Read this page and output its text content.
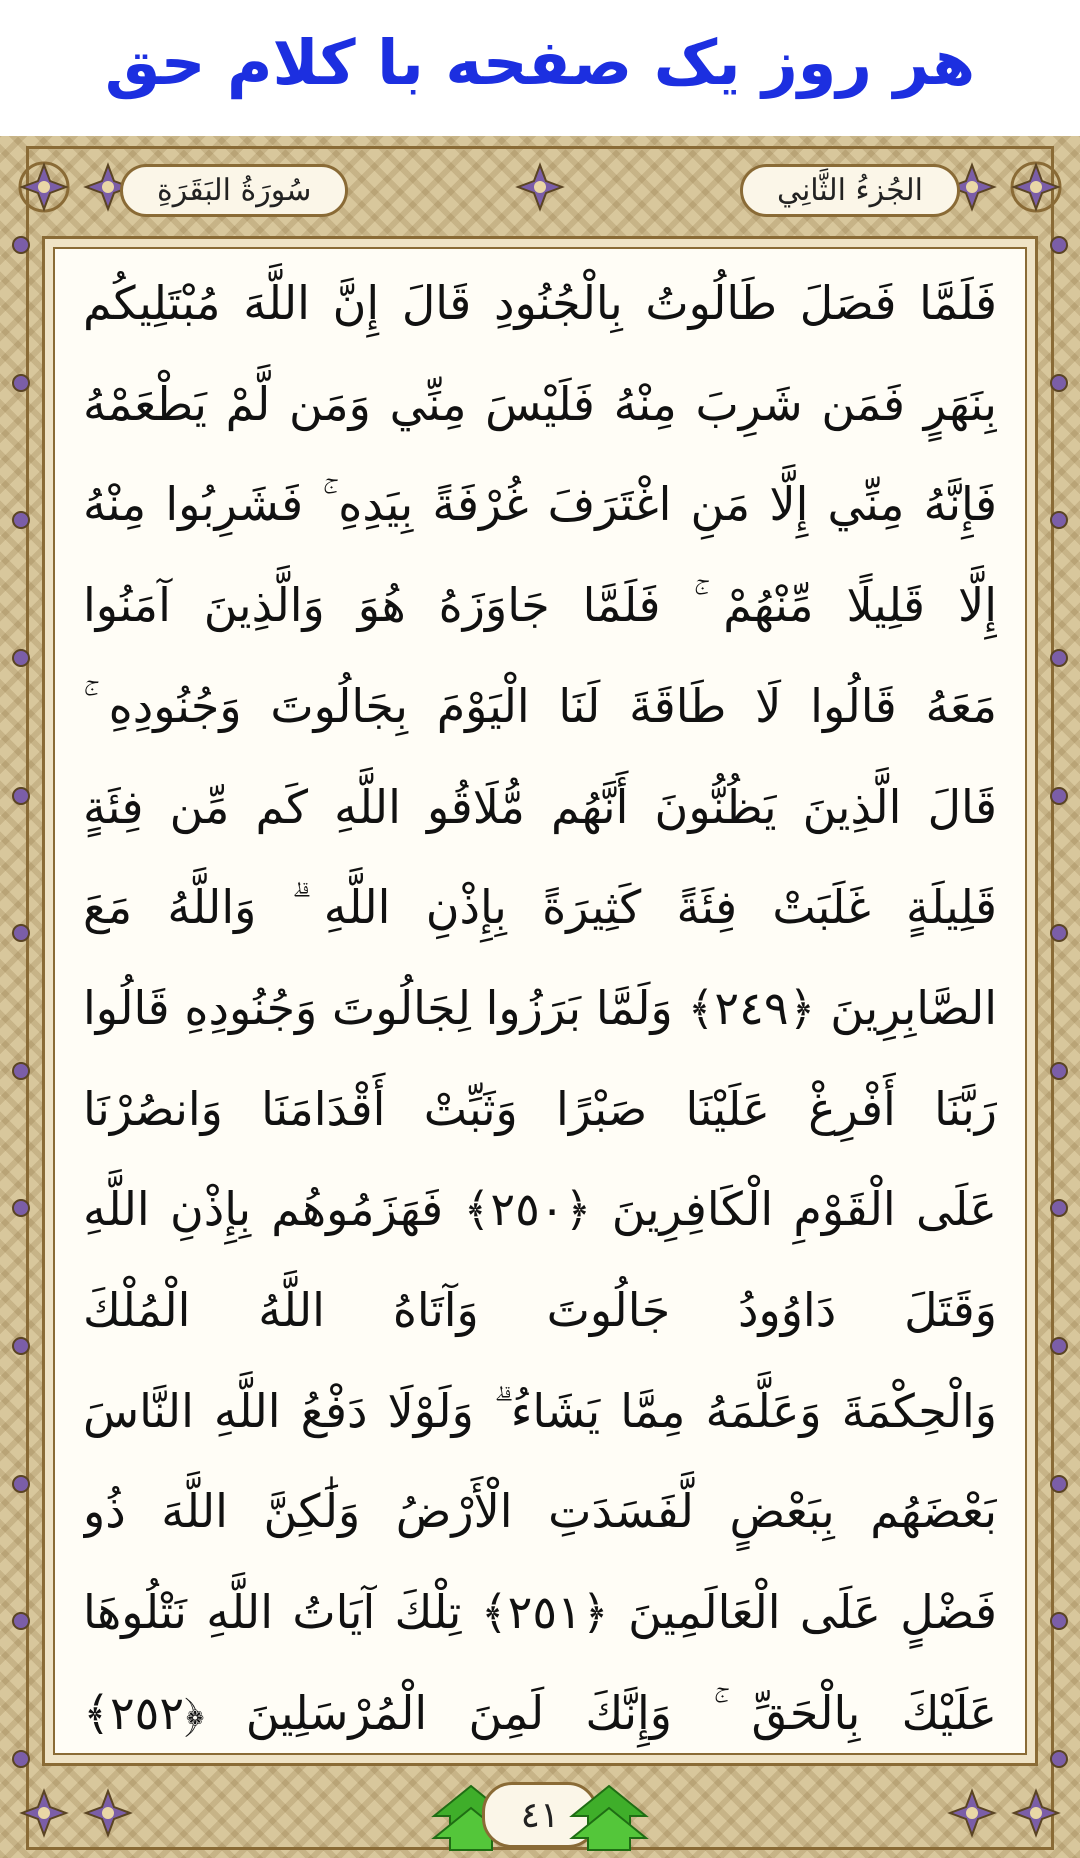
هر روز یک صفحه با کلام حق
سُورَةُ البَقَرَةِ	الجُزءُ الثَّانِي
فَلَمَّا فَصَلَ طَالُوتُ بِالْجُنُودِ قَالَ إِنَّ اللَّهَ مُبْتَلِيكُم
بِنَهَرٍ فَمَن شَرِبَ مِنْهُ فَلَيْسَ مِنِّي وَمَن لَّمْ يَطْعَمْهُ
فَإِنَّهُ مِنِّي إِلَّا مَنِ اغْتَرَفَ غُرْفَةً بِيَدِهِ ۚ فَشَرِبُوا مِنْهُ
إِلَّا قَلِيلًا مِّنْهُمْ ۚ فَلَمَّا جَاوَزَهُ هُوَ وَالَّذِينَ آمَنُوا
مَعَهُ قَالُوا لَا طَاقَةَ لَنَا الْيَوْمَ بِجَالُوتَ وَجُنُودِهِ ۚ
قَالَ الَّذِينَ يَظُنُّونَ أَنَّهُم مُّلَاقُو اللَّهِ كَم مِّن فِئَةٍ
قَلِيلَةٍ غَلَبَتْ فِئَةً كَثِيرَةً بِإِذْنِ اللَّهِ ۗ وَاللَّهُ مَعَ
الصَّابِرِينَ ﴿٢٤٩﴾ وَلَمَّا بَرَزُوا لِجَالُوتَ وَجُنُودِهِ قَالُوا
رَبَّنَا أَفْرِغْ عَلَيْنَا صَبْرًا وَثَبِّتْ أَقْدَامَنَا وَانصُرْنَا
عَلَى الْقَوْمِ الْكَافِرِينَ ﴿٢٥٠﴾ فَهَزَمُوهُم بِإِذْنِ اللَّهِ
وَقَتَلَ دَاوُودُ جَالُوتَ وَآتَاهُ اللَّهُ الْمُلْكَ
وَالْحِكْمَةَ وَعَلَّمَهُ مِمَّا يَشَاءُ ۗ وَلَوْلَا دَفْعُ اللَّهِ النَّاسَ
بَعْضَهُم بِبَعْضٍ لَّفَسَدَتِ الْأَرْضُ وَلَٰكِنَّ اللَّهَ ذُو
فَضْلٍ عَلَى الْعَالَمِينَ ﴿٢٥١﴾ تِلْكَ آيَاتُ اللَّهِ نَتْلُوهَا
عَلَيْكَ بِالْحَقِّ ۚ وَإِنَّكَ لَمِنَ الْمُرْسَلِينَ ﴿٢٥٢﴾
٤١
